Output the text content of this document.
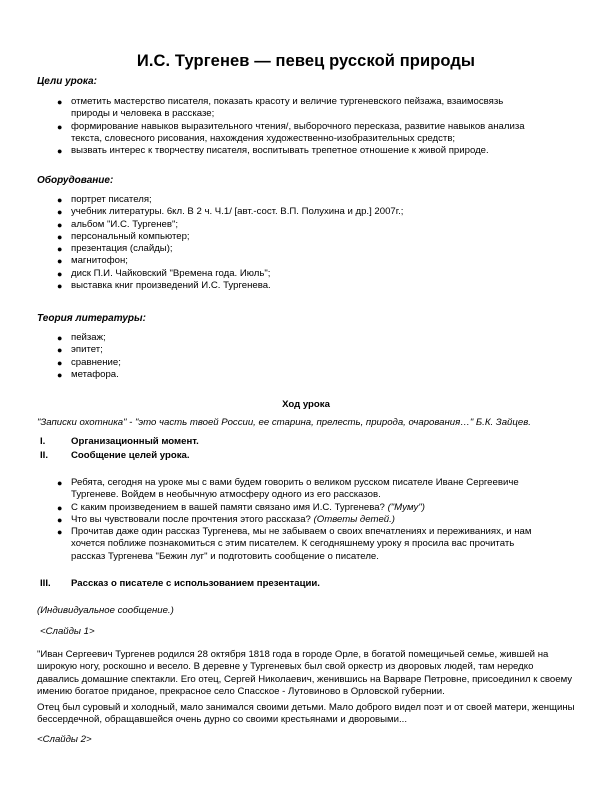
И.С. Тургенев — певец русской природы
Цели урока:
● отметить мастерство писателя, показать красоту и величие тургеневского пейзажа, взаимосвязь природы и человека в рассказе;
● формирование навыков выразительного чтения/, выборочного пересказа, развитие навыков анализа текста, словесного рисования, нахождения художественно-изобразительных средств;
● вызвать интерес к творчеству писателя, воспитывать трепетное отношение к живой природе.
Оборудование:
● портрет писателя;
● учебник литературы. 6кл. В 2 ч. Ч.1/ [авт.-сост. В.П. Полухина и др.] 2007г.;
● альбом "И.С. Тургенев";
● персональный компьютер;
● презентация (слайды);
● магнитофон;
● диск П.И. Чайковский "Времена года. Июль";
● выставка книг произведений И.С. Тургенева.
Теория литературы:
● пейзаж;
● эпитет;
● сравнение;
● метафора.
Ход урока
"Записки охотника" - "это часть твоей России, ее старина, прелесть, природа, очарования…" Б.К. Зайцев.
I.	Организационный момент.
II. Сообщение целей урока.
● Ребята, сегодня на уроке мы с вами будем говорить о великом русском писателе Иване Сергеевиче Тургеневе. Войдем в необычную атмосферу одного из его рассказов.
● С каким произведением в вашей памяти связано имя И.С. Тургенева? ("Муму")
● Что вы чувствовали после прочтения этого рассказа? (Ответы детей.)
● Прочитав даже один рассказ Тургенева, мы не забываем о своих впечатлениях и переживаниях, и нам хочется поближе познакомиться с этим писателем. К сегодняшнему уроку я просила вас прочитать рассказ Тургенева "Бежин луг" и подготовить сообщение о писателе.
III. Рассказ о писателе с использованием презентации.
(Индивидуальное сообщение.)
<Слайды 1>
"Иван Сергеевич Тургенев родился 28 октября 1818 года в городе Орле, в богатой помещичьей семье, жившей на широкую ногу, роскошно и весело. В деревне у Тургеневых был свой оркестр из дворовых людей, там нередко давались домашние спектакли. Его отец, Сергей Николаевич, женившись на Варваре Петровне, присоединил к своему имению богатое приданое, прекрасное село Спасское - Лутовиново в Орловской губернии.
Отец был суровый и холодный, мало занимался своими детьми. Мало доброго видел поэт и от своей матери, женщины бессердечной, обращавшейся очень дурно со своими крестьянами и дворовыми...
<Слайды 2>
